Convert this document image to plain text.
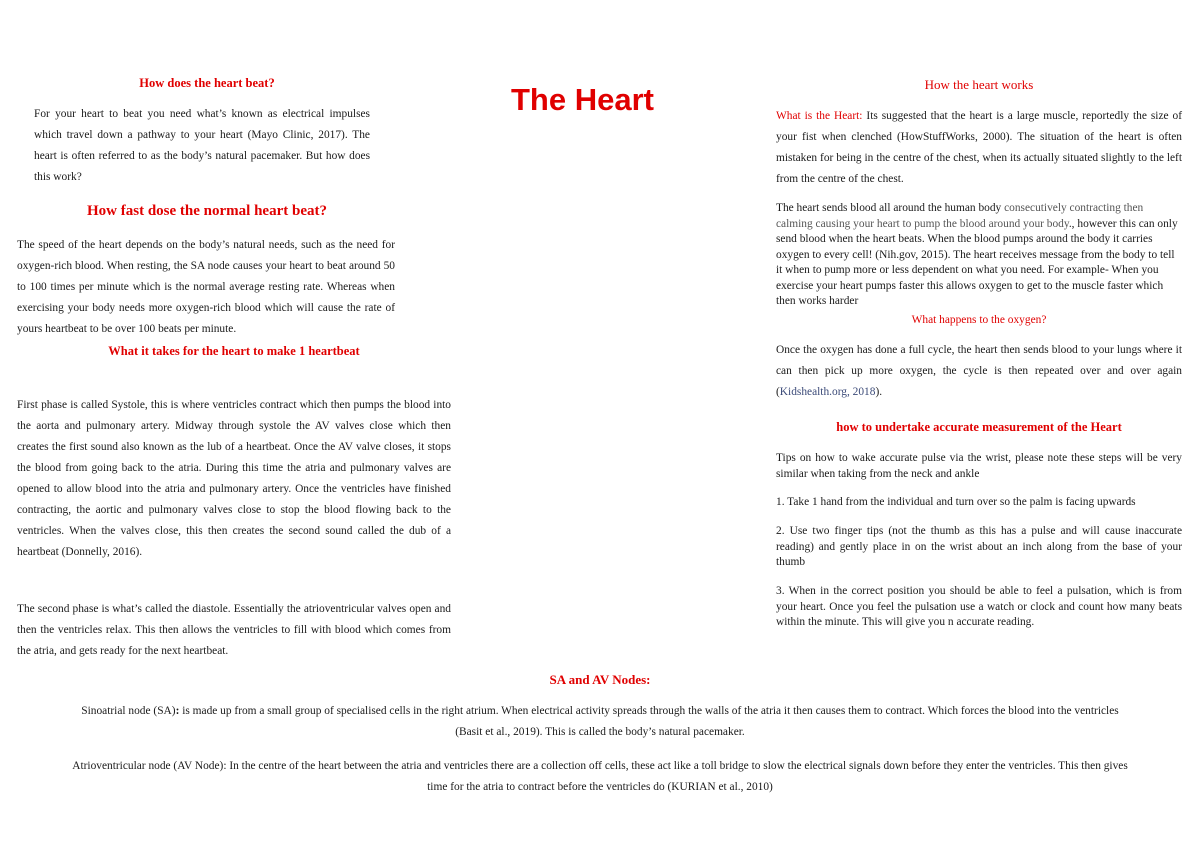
The Heart
How does the heart beat?

For your heart to beat you need what’s known as electrical impulses which travel down a pathway to your heart (Mayo Clinic, 2017). The heart is often referred to as the body’s natural pacemaker. But how does this work?

How fast dose the normal heart beat?

The speed of the heart depends on the body’s natural needs, such as the need for oxygen-rich blood. When resting, the SA node causes your heart to beat around 50 to 100 times per minute which is the normal average resting rate. Whereas when exercising your body needs more oxygen-rich blood which will cause the rate of yours heartbeat to be over 100 beats per minute.

What it takes for the heart to make 1 heartbeat

First phase is called Systole, this is where ventricles contract which then pumps the blood into the aorta and pulmonary artery. Midway through systole the AV valves close which then creates the first sound also known as the lub of a heartbeat. Once the AV valve closes, it stops the blood from going back to the atria. During this time the atria and pulmonary valves are opened to allow blood into the atria and pulmonary artery. Once the ventricles have finished contracting, the aortic and pulmonary valves close to stop the blood flowing back to the ventricles. When the valves close, this then creates the second sound called the dub of a heartbeat (Donnelly, 2016).

The second phase is what’s called the diastole. Essentially the atrioventricular valves open and then the ventricles relax. This then allows the ventricles to fill with blood which comes from the atria, and gets ready for the next heartbeat.

How the heart works

What is the Heart: Its suggested that the heart is a large muscle, reportedly the size of your fist when clenched (HowStuffWorks, 2000). The situation of the heart is often mistaken for being in the centre of the chest, when its actually situated slightly to the left from the centre of the chest.

The heart sends blood all around the human body consecutively contracting then calming causing your heart to pump the blood around your body., however this can only send blood when the heart beats. When the blood pumps around the body it carries oxygen to every cell! (Nih.gov, 2015). The heart receives message from the body to tell it when to pump more or less dependent on what you need. For example- When you exercise your heart pumps faster this allows oxygen to get to the muscle faster which then works harder

What happens to the oxygen?

Once the oxygen has done a full cycle, the heart then sends blood to your lungs where it can then pick up more oxygen, the cycle is then repeated over and over again (Kidshealth.org, 2018).

how to undertake accurate measurement of the Heart

Tips on how to wake accurate pulse via the wrist, please note these steps will be very similar when taking from the neck and ankle

1. Take 1 hand from the individual and turn over so the palm is facing upwards

2. Use two finger tips (not the thumb as this has a pulse and will cause inaccurate reading) and gently place in on the wrist about an inch along from the base of your thumb

3. When in the correct position you should be able to feel a pulsation, which is from your heart. Once you feel the pulsation use a watch or clock and count how many beats within the minute. This will give you n accurate reading.

SA and AV Nodes:

Sinoatrial node (SA): is made up from a small group of specialised cells in the right atrium. When electrical activity spreads through the walls of the atria it then causes them to contract. Which forces the blood into the ventricles (Basit et al., 2019). This is called the body’s natural pacemaker.

Atrioventricular node (AV Node): In the centre of the heart between the atria and ventricles there are a collection off cells, these act like a toll bridge to slow the electrical signals down before they enter the ventricles. This then gives time for the atria to contract before the ventricles do (KURIAN et al., 2010)
